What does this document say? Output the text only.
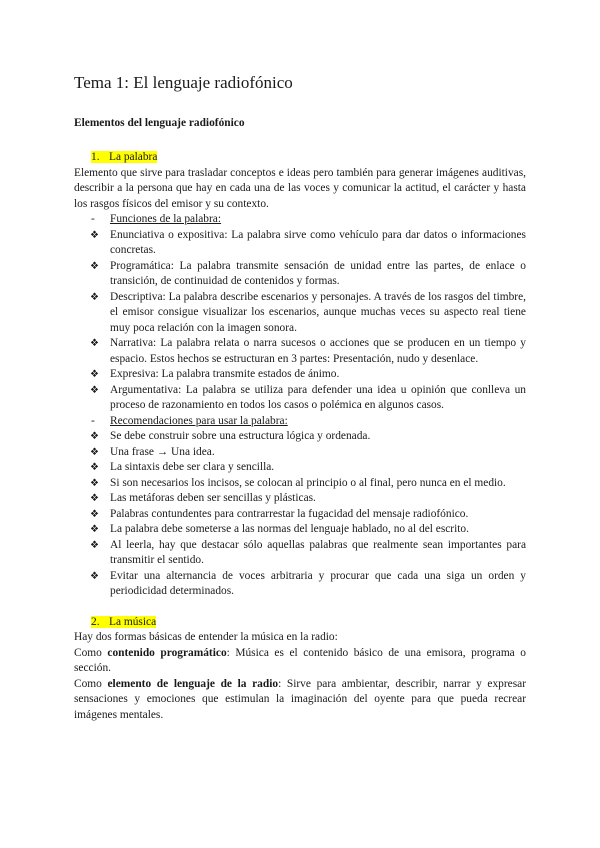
Tema 1: El lenguaje radiofónico
Elementos del lenguaje radiofónico
1. La palabra

Elemento que sirve para trasladar conceptos e ideas pero también para generar imágenes auditivas, describir a la persona que hay en cada una de las voces y comunicar la actitud, el carácter y hasta los rasgos físicos del emisor y su contexto.

- Funciones de la palabra:
❖ Enunciativa o expositiva: La palabra sirve como vehículo para dar datos o informaciones concretas.
❖ Programática: La palabra transmite sensación de unidad entre las partes, de enlace o transición, de continuidad de contenidos y formas.
❖ Descriptiva: La palabra describe escenarios y personajes. A través de los rasgos del timbre, el emisor consigue visualizar los escenarios, aunque muchas veces su aspecto real tiene muy poca relación con la imagen sonora.
❖ Narrativa: La palabra relata o narra sucesos o acciones que se producen en un tiempo y espacio. Estos hechos se estructuran en 3 partes: Presentación, nudo y desenlace.
❖ Expresiva: La palabra transmite estados de ánimo.
❖ Argumentativa: La palabra se utiliza para defender una idea u opinión que conlleva un proceso de razonamiento en todos los casos o polémica en algunos casos.
- Recomendaciones para usar la palabra:
❖ Se debe construir sobre una estructura lógica y ordenada.
❖ Una frase → Una idea.
❖ La sintaxis debe ser clara y sencilla.
❖ Si son necesarios los incisos, se colocan al principio o al final, pero nunca en el medio.
❖ Las metáforas deben ser sencillas y plásticas.
❖ Palabras contundentes para contrarrestar la fugacidad del mensaje radiofónico.
❖ La palabra debe someterse a las normas del lenguaje hablado, no al del escrito.
❖ Al leerla, hay que destacar sólo aquellas palabras que realmente sean importantes para transmitir el sentido.
❖ Evitar una alternancia de voces arbitraria y procurar que cada una siga un orden y periodicidad determinados.
2. La música

Hay dos formas básicas de entender la música en la radio:

Como contenido programático: Música es el contenido básico de una emisora, programa o sección.

Como elemento de lenguaje de la radio: Sirve para ambientar, describir, narrar y expresar sensaciones y emociones que estimulan la imaginación del oyente para que pueda recrear imágenes mentales.
